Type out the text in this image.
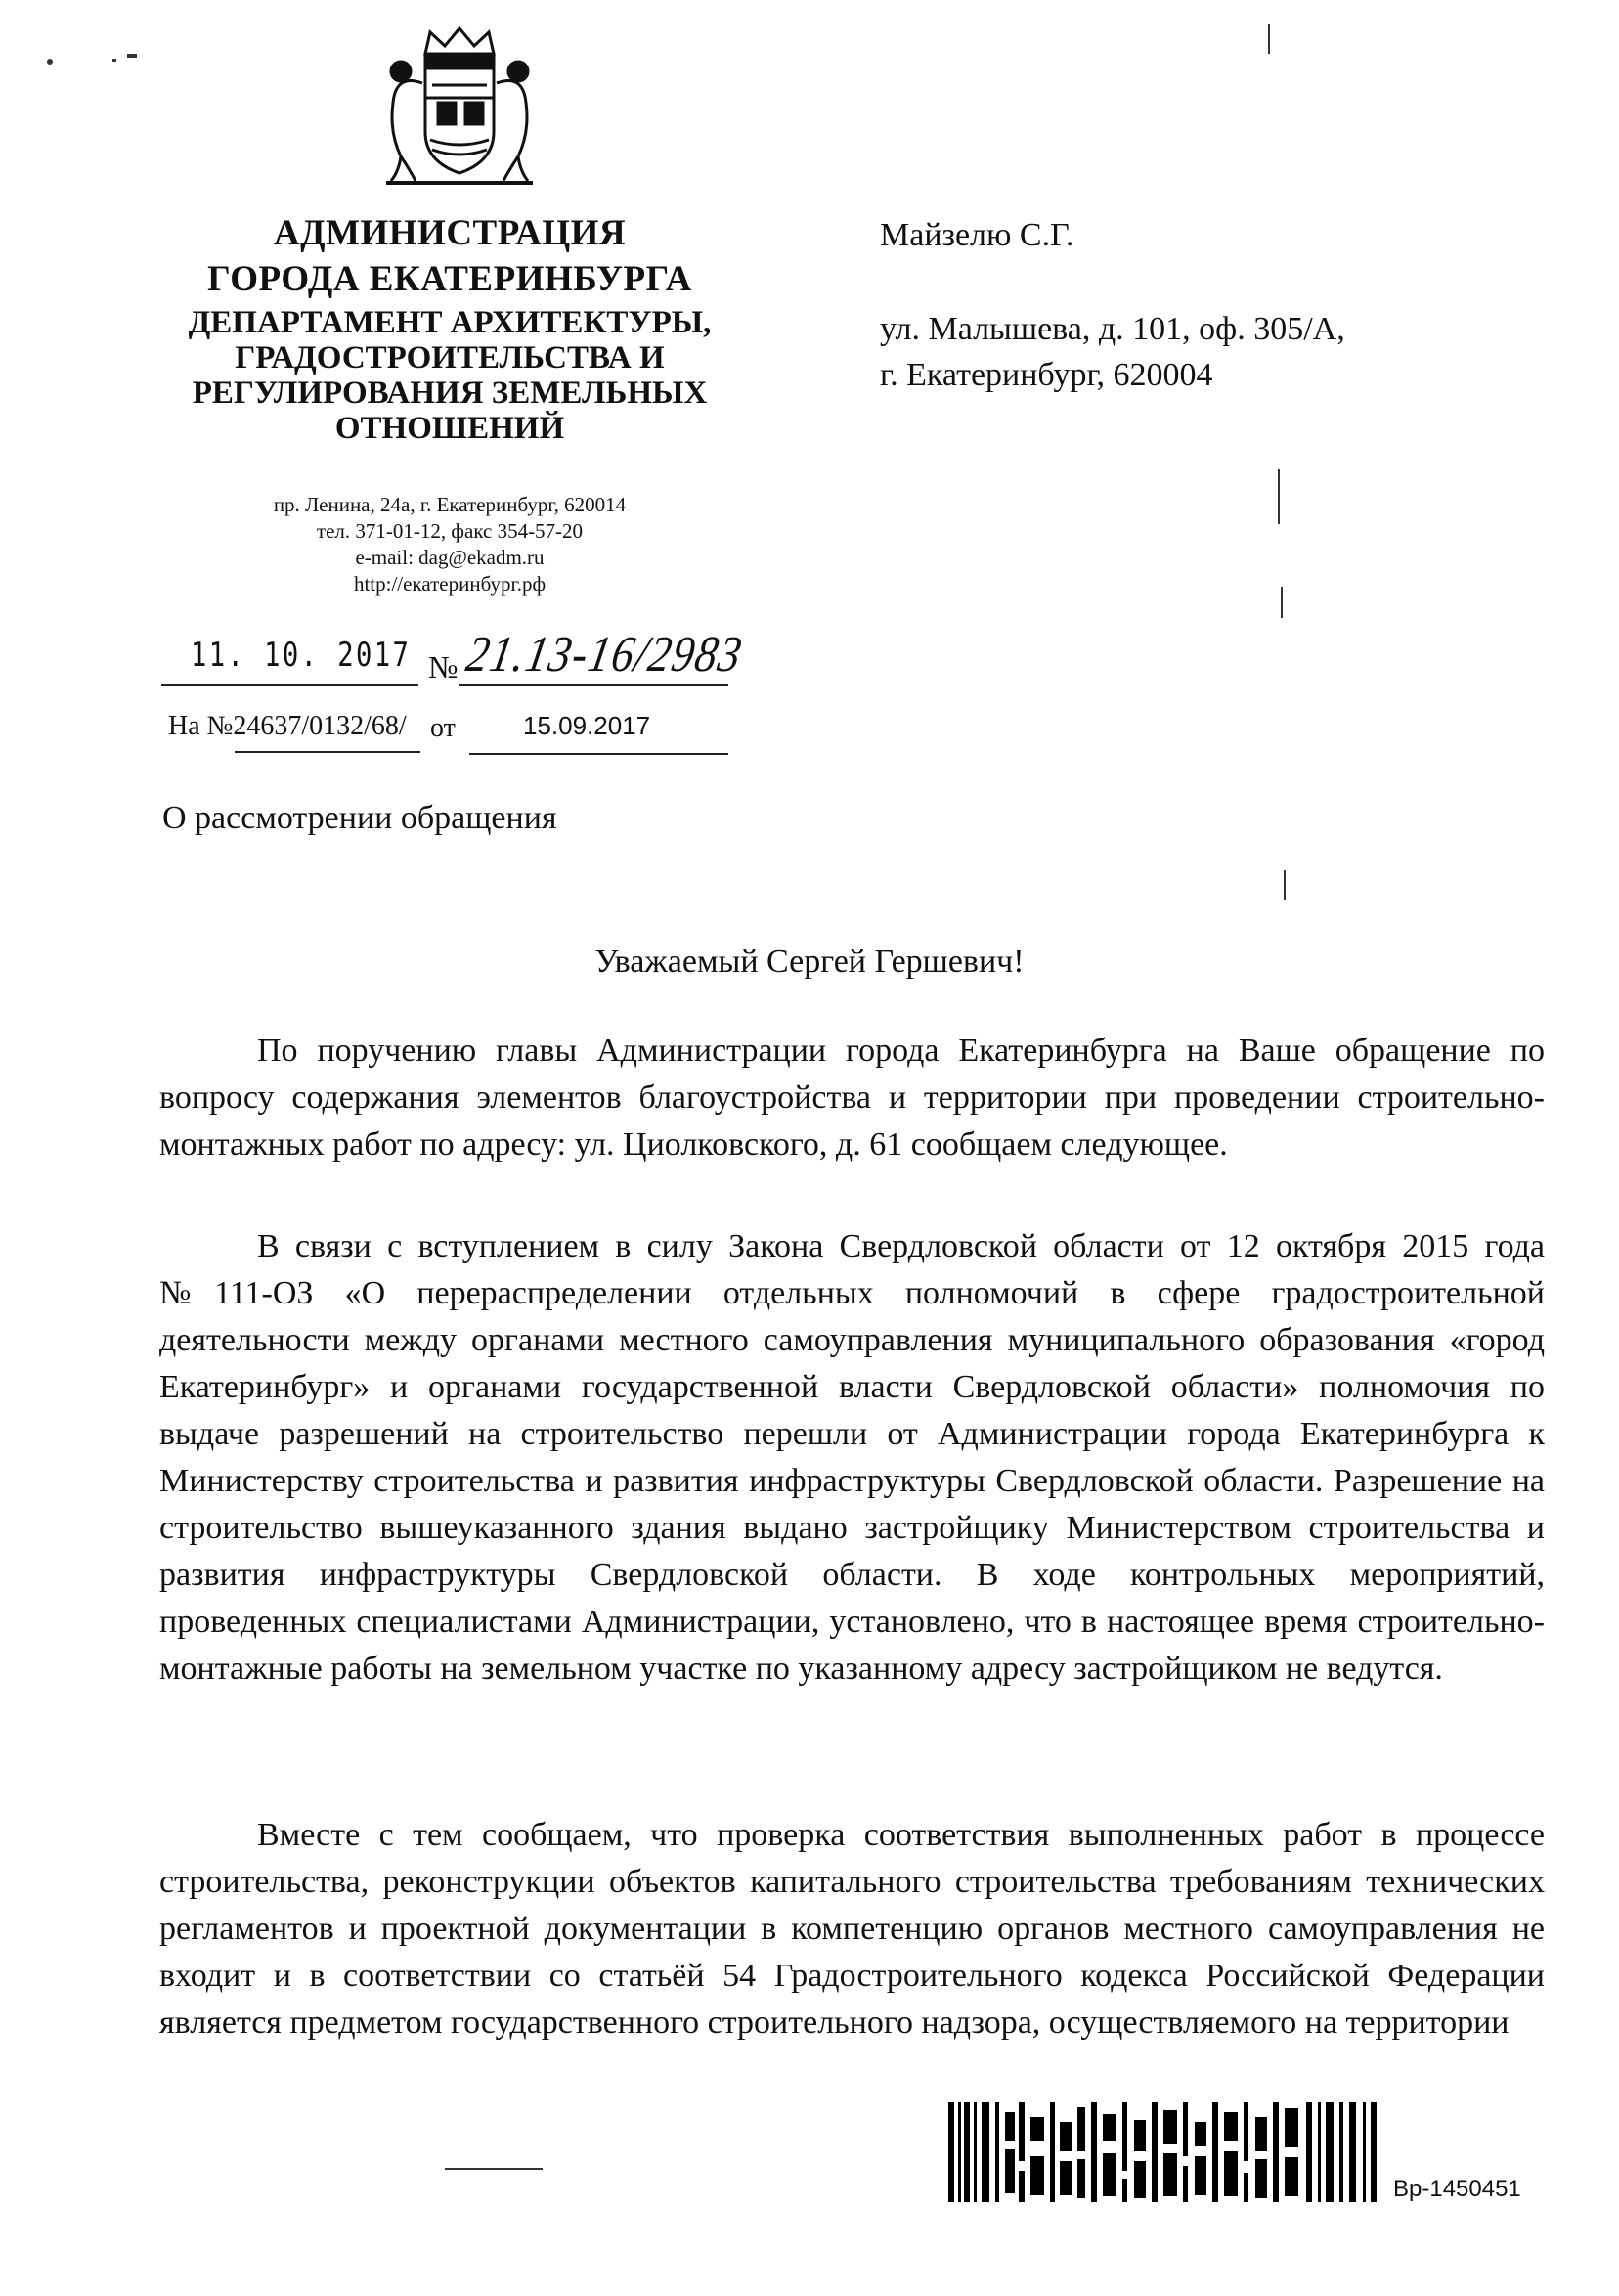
АДМИНИСТРАЦИЯ
ГОРОДА ЕКАТЕРИНБУРГА
ДЕПАРТАМЕНТ АРХИТЕКТУРЫ,
ГРАДОСТРОИТЕЛЬСТВА И
РЕГУЛИРОВАНИЯ ЗЕМЕЛЬНЫХ
ОТНОШЕНИЙ
пр. Ленина, 24а, г. Екатеринбург, 620014
тел. 371-01-12, факс 354-57-20
e-mail: dag@ekadm.ru
http://екатеринбург.рф
Майзелю С.Г.
ул. Малышева, д. 101, оф. 305/А,
г. Екатеринбург, 620004
11. 10. 2017 № 21.13-16/2983
На №24637/0132/68/ от	15.09.2017
О рассмотрении обращения
Уважаемый Сергей Гершевич!

По поручению главы Администрации города Екатеринбурга на Ваше обращение по вопросу содержания элементов благоустройства и территории при проведении строительно-монтажных работ по адресу: ул. Циолковского, д. 61 сообщаем следующее.

В связи с вступлением в силу Закона Свердловской области от 12 октября 2015 года №111-ОЗ «О перераспределении отдельных полномочий в сфере градостроительной деятельности между органами местного самоуправления муниципального образования «город Екатеринбург» и органами государственной власти Свердловской области» полномочия по выдаче разрешений на строительство перешли от Администрации города Екатеринбурга к Министерству строительства и развития инфраструктуры Свердловской области. Разрешение на строительство вышеуказанного здания выдано застройщику Министерством строительства и развития инфраструктуры Свердловской области. В ходе контрольных мероприятий, проведенных специалистами Администрации, установлено, что в настоящее время строительно-монтажные работы на земельном участке по указанному адресу застройщиком не ведутся.

Вместе с тем сообщаем, что проверка соответствия выполненных работ в процессе строительства, реконструкции объектов капитального строительства требованиям технических регламентов и проектной документации в компетенцию органов местного самоуправления не входит и в соответствии со статьёй 54 Градостроительного кодекса Российской Федерации является предметом государственного строительного надзора, осуществляемого на территории

Вр-1450451
